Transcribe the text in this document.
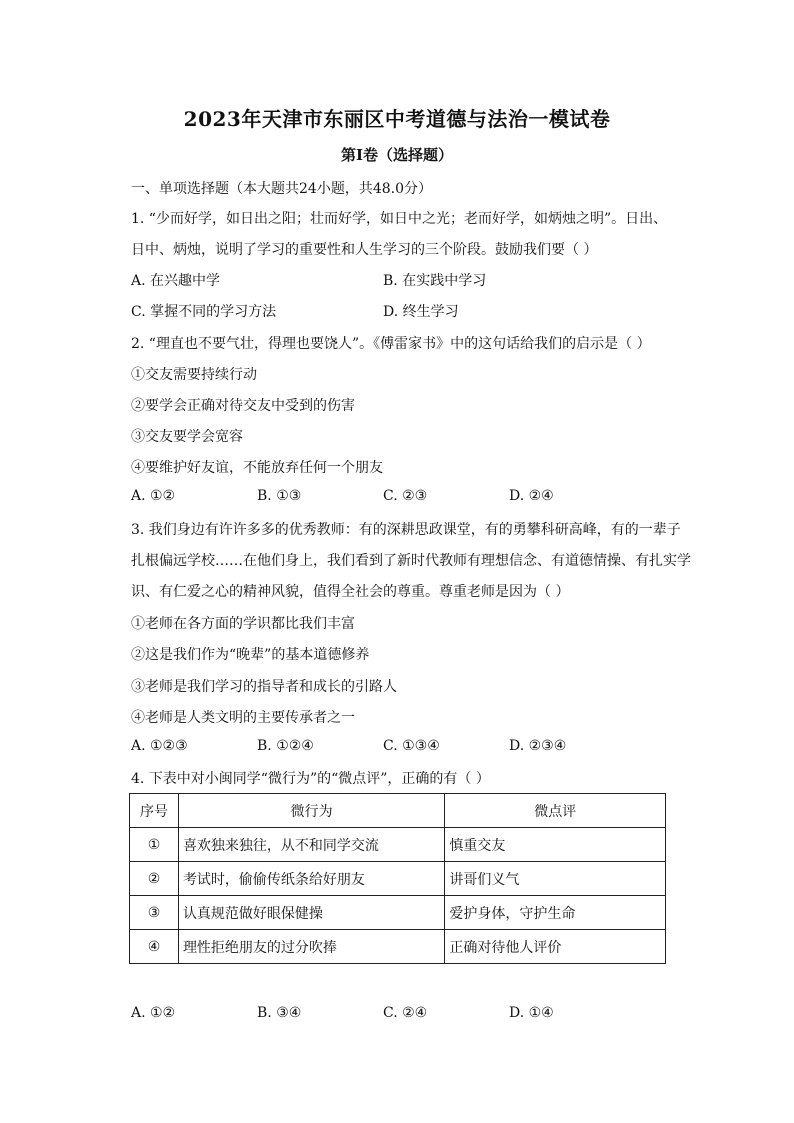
2023年天津市东丽区中考道德与法治一模试卷
第I卷（选择题）
一、单项选择题（本大题共24小题，共48.0分）
1. “少而好学，如日出之阳；壮而好学，如日中之光；老而好学，如炳烛之明”。日出、
日中、炳烛，说明了学习的重要性和人生学习的三个阶段。鼓励我们要（ ）
A. 在兴趣中学	B. 在实践中学习
C. 掌握不同的学习方法	D. 终生学习
2. “理直也不要气壮，得理也要饶人”。《傅雷家书》中的这句话给我们的启示是（ ）
①交友需要持续行动
②要学会正确对待交友中受到的伤害
③交友要学会宽容
④要维护好友谊，不能放弃任何一个朋友
A. ①②	B. ①③	C. ②③	D. ②④
3. 我们身边有许许多多的优秀教师：有的深耕思政课堂，有的勇攀科研高峰，有的一辈子
扎根偏远学校……在他们身上，我们看到了新时代教师有理想信念、有道德情操、有扎实学
识、有仁爱之心的精神风貌，值得全社会的尊重。尊重老师是因为（ ）
①老师在各方面的学识都比我们丰富
②这是我们作为“晚辈”的基本道德修养
③老师是我们学习的指导者和成长的引路人
④老师是人类文明的主要传承者之一
A. ①②③	B. ①②④	C. ①③④	D. ②③④
4. 下表中对小闽同学“微行为”的“微点评”，正确的有（ ）
序号	微行为	微点评
①	喜欢独来独往，从不和同学交流	慎重交友
②	考试时，偷偷传纸条给好朋友	讲哥们义气
③	认真规范做好眼保健操	爱护身体，守护生命
④	理性拒绝朋友的过分吹捧	正确对待他人评价
A. ①②	B. ③④	C. ②④	D. ①④
